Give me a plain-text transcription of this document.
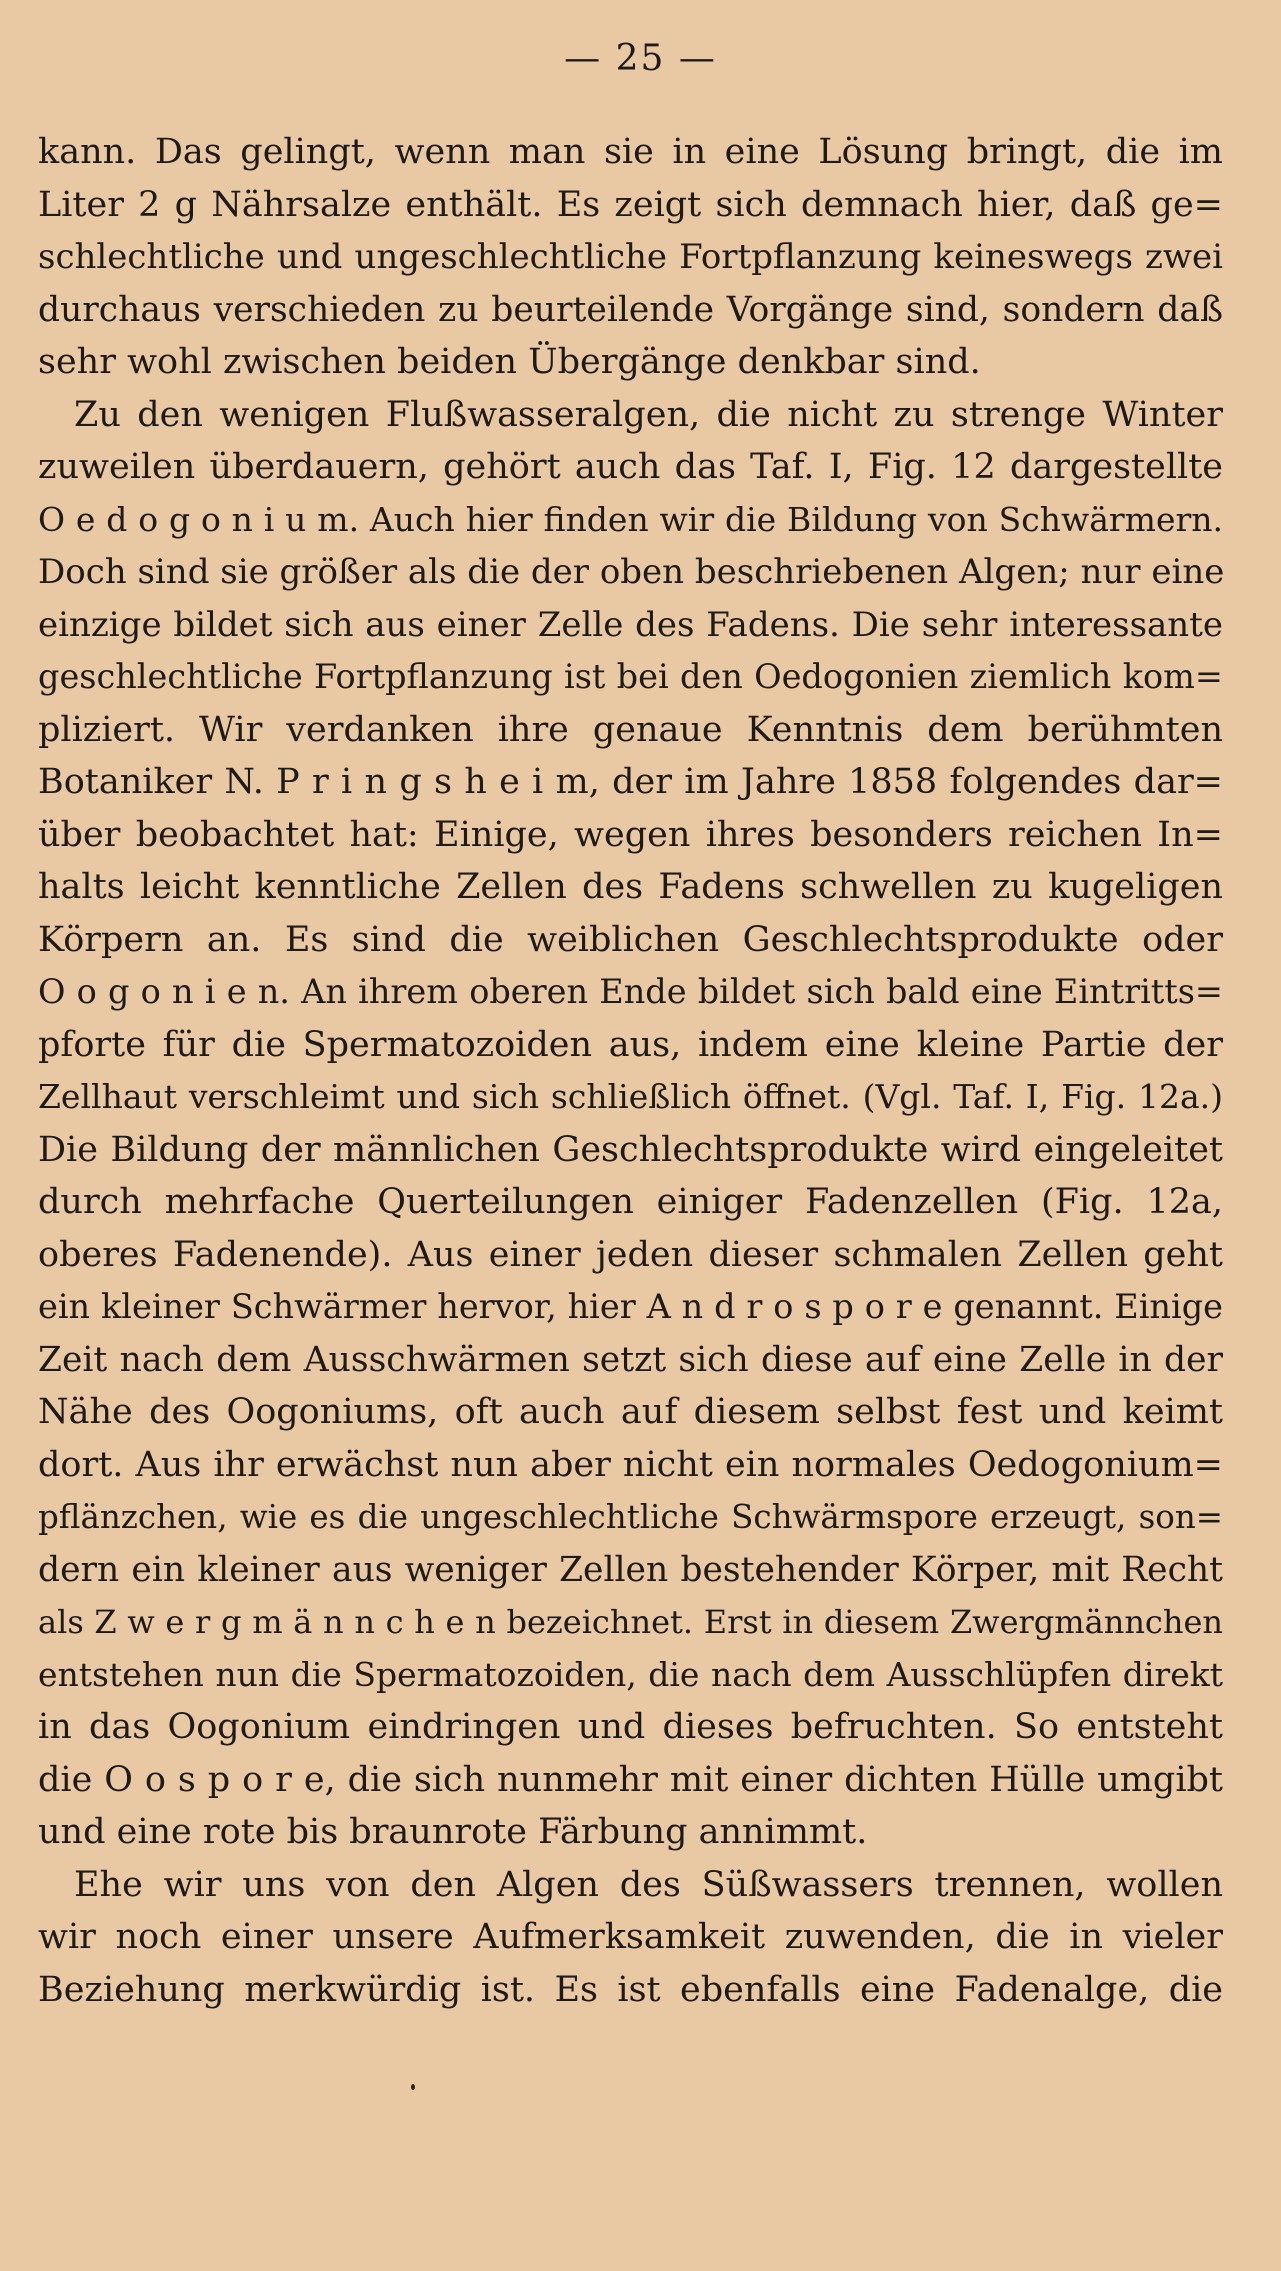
— 25 —
kann. Das gelingt, wenn man sie in eine Lösung bringt, die im
Liter 2 g Nährsalze enthält. Es zeigt sich demnach hier, daß ge=
schlechtliche und ungeschlechtliche Fortpflanzung keineswegs zwei
durchaus verschieden zu beurteilende Vorgänge sind, sondern daß
sehr wohl zwischen beiden Übergänge denkbar sind.
Zu den wenigen Flußwasseralgen, die nicht zu strenge Winter
zuweilen überdauern, gehört auch das Taf. I, Fig. 12 dargestellte
O e d o g o n i u m. Auch hier finden wir die Bildung von Schwärmern.
Doch sind sie größer als die der oben beschriebenen Algen; nur eine
einzige bildet sich aus einer Zelle des Fadens. Die sehr interessante
geschlechtliche Fortpflanzung ist bei den Oedogonien ziemlich kom=
pliziert. Wir verdanken ihre genaue Kenntnis dem berühmten
Botaniker N. P r i n g s h e i m, der im Jahre 1858 folgendes dar=
über beobachtet hat: Einige, wegen ihres besonders reichen In=
halts leicht kenntliche Zellen des Fadens schwellen zu kugeligen
Körpern an. Es sind die weiblichen Geschlechtsprodukte oder
O o g o n i e n. An ihrem oberen Ende bildet sich bald eine Eintritts=
pforte für die Spermatozoiden aus, indem eine kleine Partie der
Zellhaut verschleimt und sich schließlich öffnet. (Vgl. Taf. I, Fig. 12a.)
Die Bildung der männlichen Geschlechtsprodukte wird eingeleitet
durch mehrfache Querteilungen einiger Fadenzellen (Fig. 12a,
oberes Fadenende). Aus einer jeden dieser schmalen Zellen geht
ein kleiner Schwärmer hervor, hier A n d r o s p o r e genannt. Einige
Zeit nach dem Ausschwärmen setzt sich diese auf eine Zelle in der
Nähe des Oogoniums, oft auch auf diesem selbst fest und keimt
dort. Aus ihr erwächst nun aber nicht ein normales Oedogonium=
pflänzchen, wie es die ungeschlechtliche Schwärmspore erzeugt, son=
dern ein kleiner aus weniger Zellen bestehender Körper, mit Recht
als Z w e r g m ä n n c h e n bezeichnet. Erst in diesem Zwergmännchen
entstehen nun die Spermatozoiden, die nach dem Ausschlüpfen direkt
in das Oogonium eindringen und dieses befruchten. So entsteht
die O o s p o r e, die sich nunmehr mit einer dichten Hülle umgibt
und eine rote bis braunrote Färbung annimmt.
Ehe wir uns von den Algen des Süßwassers trennen, wollen
wir noch einer unsere Aufmerksamkeit zuwenden, die in vieler
Beziehung merkwürdig ist. Es ist ebenfalls eine Fadenalge, die
